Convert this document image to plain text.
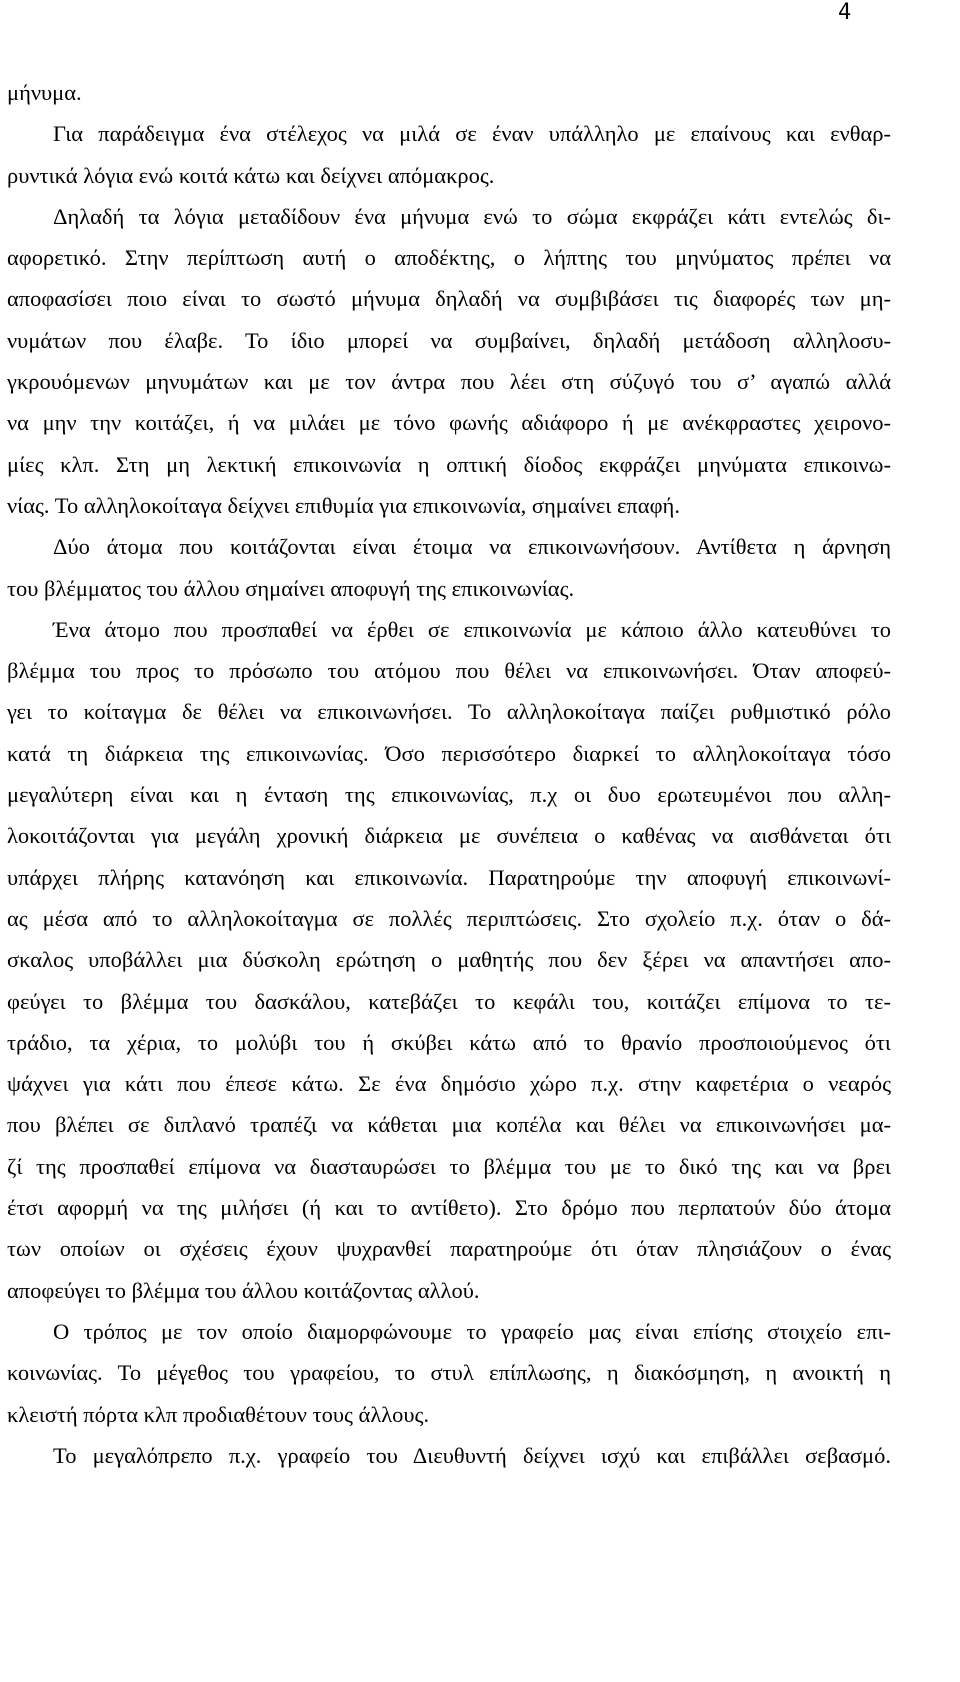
4
μήνυμα.
Για παράδειγμα ένα στέλεχος να μιλά σε έναν υπάλληλο με επαίνους και ενθαρ-
ρυντικά λόγια ενώ κοιτά κάτω και δείχνει απόμακρος.
Δηλαδή τα λόγια μεταδίδουν ένα μήνυμα ενώ το σώμα εκφράζει κάτι εντελώς δι-
αφορετικό. Στην περίπτωση αυτή ο αποδέκτης, ο λήπτης του μηνύματος πρέπει να
αποφασίσει ποιο είναι το σωστό μήνυμα δηλαδή να συμβιβάσει τις διαφορές των μη-
νυμάτων που έλαβε. Το ίδιο μπορεί να συμβαίνει, δηλαδή μετάδοση αλληλοσυ-
γκρουόμενων μηνυμάτων και με τον άντρα που λέει στη σύζυγό του σ’ αγαπώ αλλά
να μην την κοιτάζει, ή να μιλάει με τόνο φωνής αδιάφορο ή με ανέκφραστες χειρονο-
μίες κλπ. Στη μη λεκτική επικοινωνία η οπτική δίοδος εκφράζει μηνύματα επικοινω-
νίας. Το αλληλοκοίταγα δείχνει επιθυμία για επικοινωνία, σημαίνει επαφή.
Δύο άτομα που κοιτάζονται είναι έτοιμα να επικοινωνήσουν. Αντίθετα η άρνηση
του βλέμματος του άλλου σημαίνει αποφυγή της επικοινωνίας.
Ένα άτομο που προσπαθεί να έρθει σε επικοινωνία με κάποιο άλλο κατευθύνει το
βλέμμα του προς το πρόσωπο του ατόμου που θέλει να επικοινωνήσει. Όταν αποφεύ-
γει το κοίταγμα δε θέλει να επικοινωνήσει. Το αλληλοκοίταγα παίζει ρυθμιστικό ρόλο
κατά τη διάρκεια της επικοινωνίας. Όσο περισσότερο διαρκεί το αλληλοκοίταγα τόσο
μεγαλύτερη είναι και η ένταση της επικοινωνίας, π.χ οι δυο ερωτευμένοι που αλλη-
λοκοιτάζονται για μεγάλη χρονική διάρκεια με συνέπεια ο καθένας να αισθάνεται ότι
υπάρχει πλήρης κατανόηση και επικοινωνία. Παρατηρούμε την αποφυγή επικοινωνί-
ας μέσα από το αλληλοκοίταγμα σε πολλές περιπτώσεις. Στο σχολείο π.χ. όταν ο δά-
σκαλος υποβάλλει μια δύσκολη ερώτηση ο μαθητής που δεν ξέρει να απαντήσει απο-
φεύγει το βλέμμα του δασκάλου, κατεβάζει το κεφάλι του, κοιτάζει επίμονα το τε-
τράδιο, τα χέρια, το μολύβι του ή σκύβει κάτω από το θρανίο προσποιούμενος ότι
ψάχνει για κάτι που έπεσε κάτω. Σε ένα δημόσιο χώρο π.χ. στην καφετέρια ο νεαρός
που βλέπει σε διπλανό τραπέζι να κάθεται μια κοπέλα και θέλει να επικοινωνήσει μα-
ζί της προσπαθεί επίμονα να διασταυρώσει το βλέμμα του με το δικό της και να βρει
έτσι αφορμή να της μιλήσει (ή και το αντίθετο). Στο δρόμο που περπατούν δύο άτομα
των οποίων οι σχέσεις έχουν ψυχρανθεί παρατηρούμε ότι όταν πλησιάζουν ο ένας
αποφεύγει το βλέμμα του άλλου κοιτάζοντας αλλού.
Ο τρόπος με τον οποίο διαμορφώνουμε το γραφείο μας είναι επίσης στοιχείο επι-
κοινωνίας. Το μέγεθος του γραφείου, το στυλ επίπλωσης, η διακόσμηση, η ανοικτή η
κλειστή πόρτα κλπ προδιαθέτουν τους άλλους.
Το μεγαλόπρεπο π.χ. γραφείο του Διευθυντή δείχνει ισχύ και επιβάλλει σεβασμό.
